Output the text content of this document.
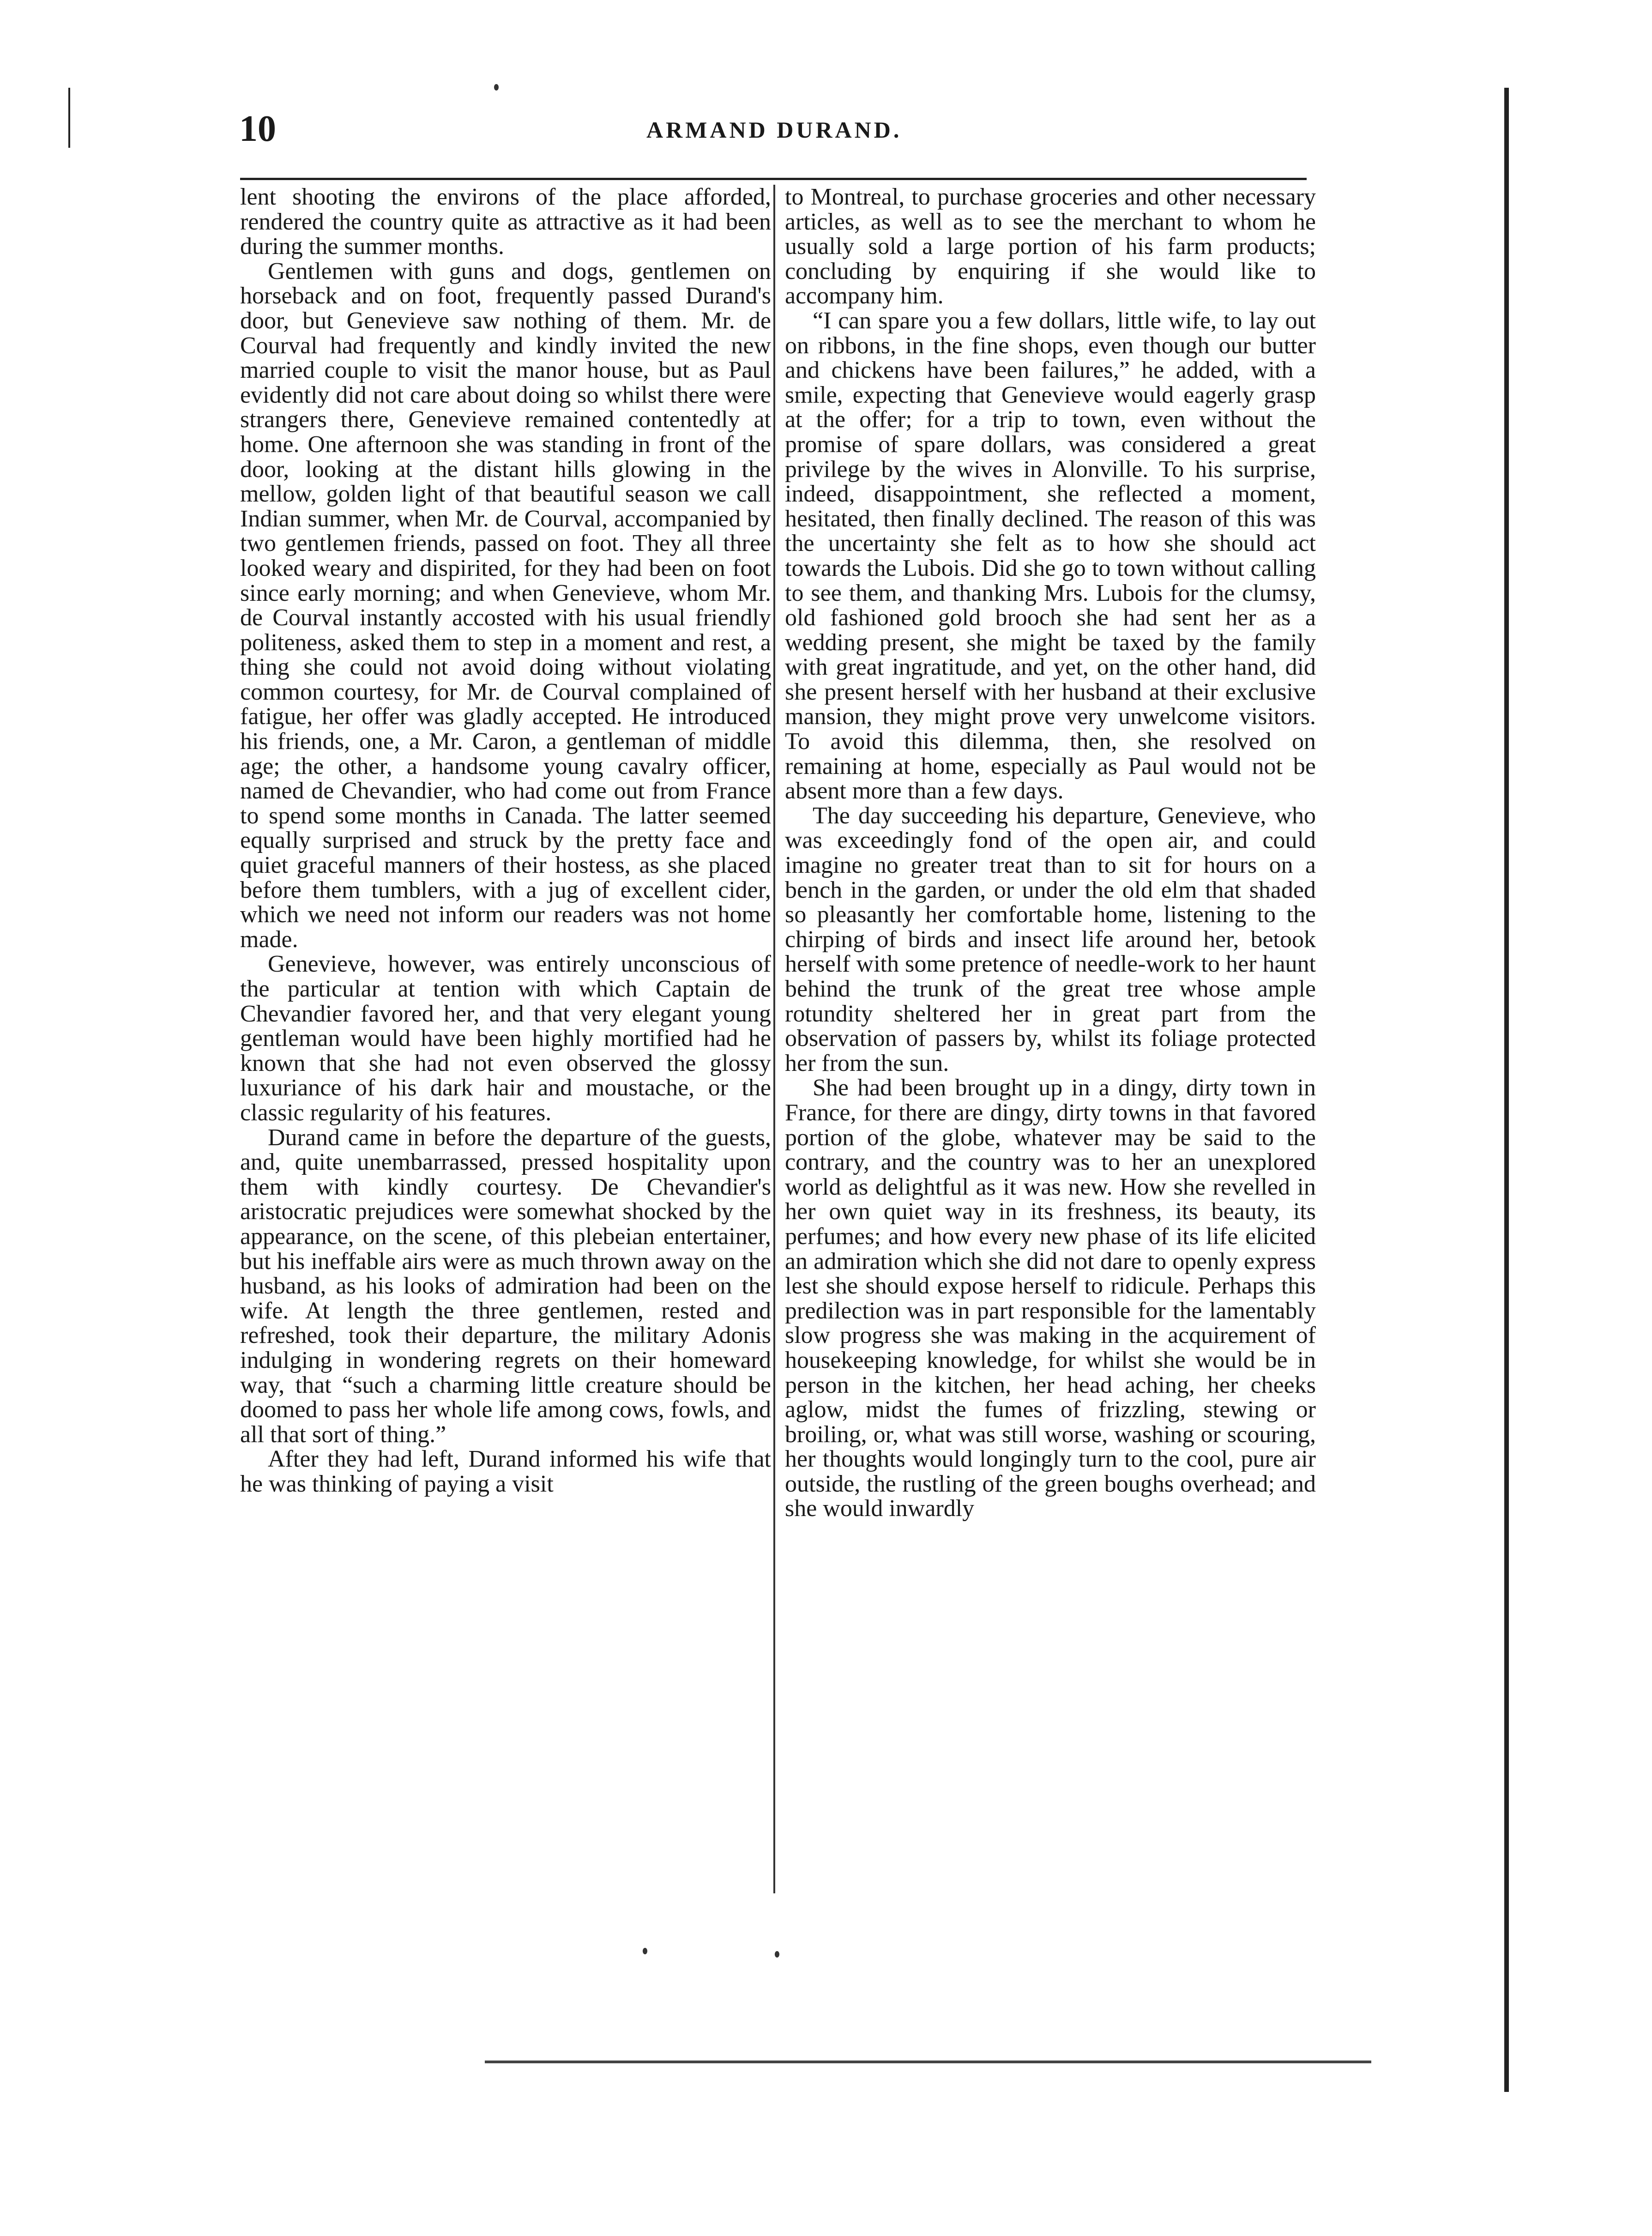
10	ARMAND DURAND.

lent shooting the environs of the place afforded, rendered the country quite as attractive as it had been during the summer months.

Gentlemen with guns and dogs, gentlemen on horseback and on foot, frequently passed Durand's door, but Genevieve saw nothing of them. Mr. de Courval had frequently and kindly invited the new married couple to visit the manor house, but as Paul evidently did not care about doing so whilst there were strangers there, Genevieve remained contentedly at home. One afternoon she was standing in front of the door, looking at the distant hills glowing in the mellow, golden light of that beautiful season we call Indian summer, when Mr. de Courval, accompanied by two gentlemen friends, passed on foot. They all three looked weary and dispirited, for they had been on foot since early morning; and when Genevieve, whom Mr. de Courval instantly accosted with his usual friendly politeness, asked them to step in a moment and rest, a thing she could not avoid doing without violating common courtesy, for Mr. de Courval complained of fatigue, her offer was gladly accepted. He introduced his friends, one, a Mr. Caron, a gentleman of middle age; the other, a handsome young cavalry officer, named de Chevandier, who had come out from France to spend some months in Canada. The latter seemed equally surprised and struck by the pretty face and quiet graceful manners of their hostess, as she placed before them tumblers, with a jug of excellent cider, which we need not inform our readers was not home made.

Genevieve, however, was entirely unconscious of the particular at tention with which Captain de Chevandier favored her, and that very elegant young gentleman would have been highly mortified had he known that she had not even observed the glossy luxuriance of his dark hair and moustache, or the classic regularity of his features.

Durand came in before the departure of the guests, and, quite unembarrassed, pressed hospitality upon them with kindly courtesy. De Chevandier's aristocratic prejudices were somewhat shocked by the appearance, on the scene, of this plebeian entertainer, but his ineffable airs were as much thrown away on the husband, as his looks of admiration had been on the wife. At length the three gentlemen, rested and refreshed, took their departure, the military Adonis indulging in wondering regrets on their homeward way, that “such a charming little creature should be doomed to pass her whole life among cows, fowls, and all that sort of thing.”

After they had left, Durand informed his wife that he was thinking of paying a visit

to Montreal, to purchase groceries and other necessary articles, as well as to see the merchant to whom he usually sold a large portion of his farm products; concluding by enquiring if she would like to accompany him.

“I can spare you a few dollars, little wife, to lay out on ribbons, in the fine shops, even though our butter and chickens have been failures,” he added, with a smile, expecting that Genevieve would eagerly grasp at the offer; for a trip to town, even without the promise of spare dollars, was considered a great privilege by the wives in Alonville. To his surprise, indeed, disappointment, she reflected a moment, hesitated, then finally declined. The reason of this was the uncertainty she felt as to how she should act towards the Lubois. Did she go to town without calling to see them, and thanking Mrs. Lubois for the clumsy, old fashioned gold brooch she had sent her as a wedding present, she might be taxed by the family with great ingratitude, and yet, on the other hand, did she present herself with her husband at their exclusive mansion, they might prove very unwelcome visitors. To avoid this dilemma, then, she resolved on remaining at home, especially as Paul would not be absent more than a few days.

The day succeeding his departure, Genevieve, who was exceedingly fond of the open air, and could imagine no greater treat than to sit for hours on a bench in the garden, or under the old elm that shaded so pleasantly her comfortable home, listening to the chirping of birds and insect life around her, betook herself with some pretence of needle-work to her haunt behind the trunk of the great tree whose ample rotundity sheltered her in great part from the observation of passers by, whilst its foliage protected her from the sun.

She had been brought up in a dingy, dirty town in France, for there are dingy, dirty towns in that favored portion of the globe, whatever may be said to the contrary, and the country was to her an unexplored world as delightful as it was new. How she revelled in her own quiet way in its freshness, its beauty, its perfumes; and how every new phase of its life elicited an admiration which she did not dare to openly express lest she should expose herself to ridicule. Perhaps this predilection was in part responsible for the lamentably slow progress she was making in the acquirement of housekeeping knowledge, for whilst she would be in person in the kitchen, her head aching, her cheeks aglow, midst the fumes of frizzling, stewing or broiling, or, what was still worse, washing or scouring, her thoughts would longingly turn to the cool, pure air outside, the rustling of the green boughs overhead; and she would inwardly
